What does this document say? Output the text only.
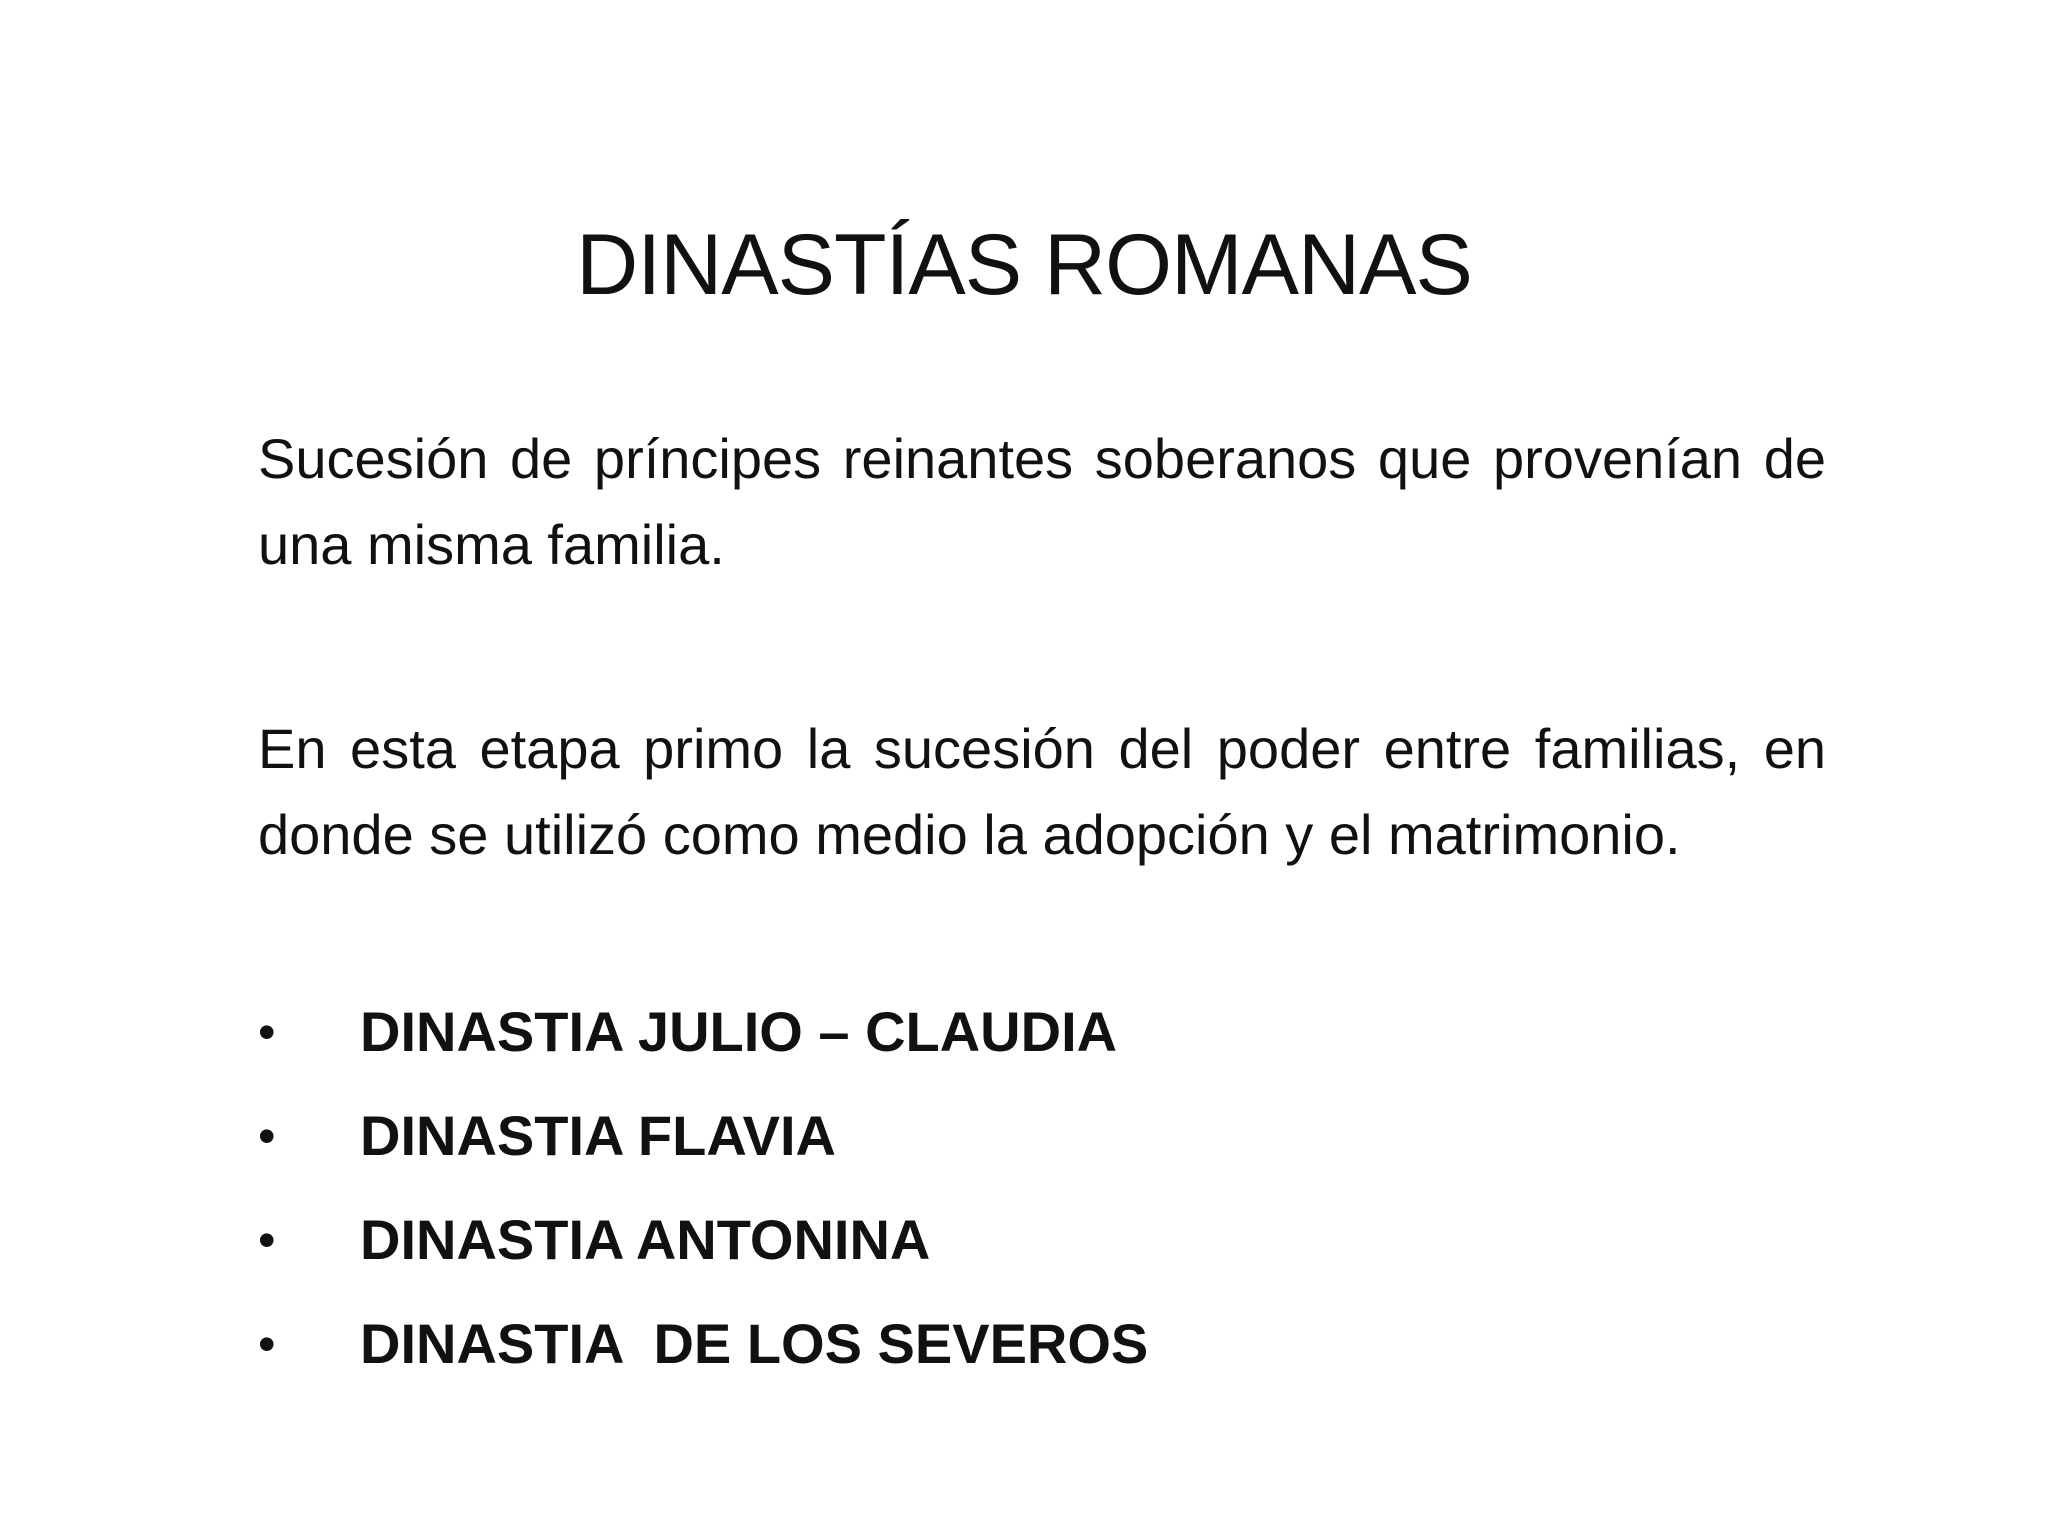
DINASTÍAS ROMANAS

Sucesión de príncipes reinantes soberanos que provenían de una misma familia.

En esta etapa primo la sucesión del poder entre familias, en donde se utilizó como medio la adopción y el matrimonio.

•	DINASTIA JULIO – CLAUDIA
•	DINASTIA FLAVIA
•	DINASTIA ANTONINA
•	DINASTIA  DE LOS SEVEROS
